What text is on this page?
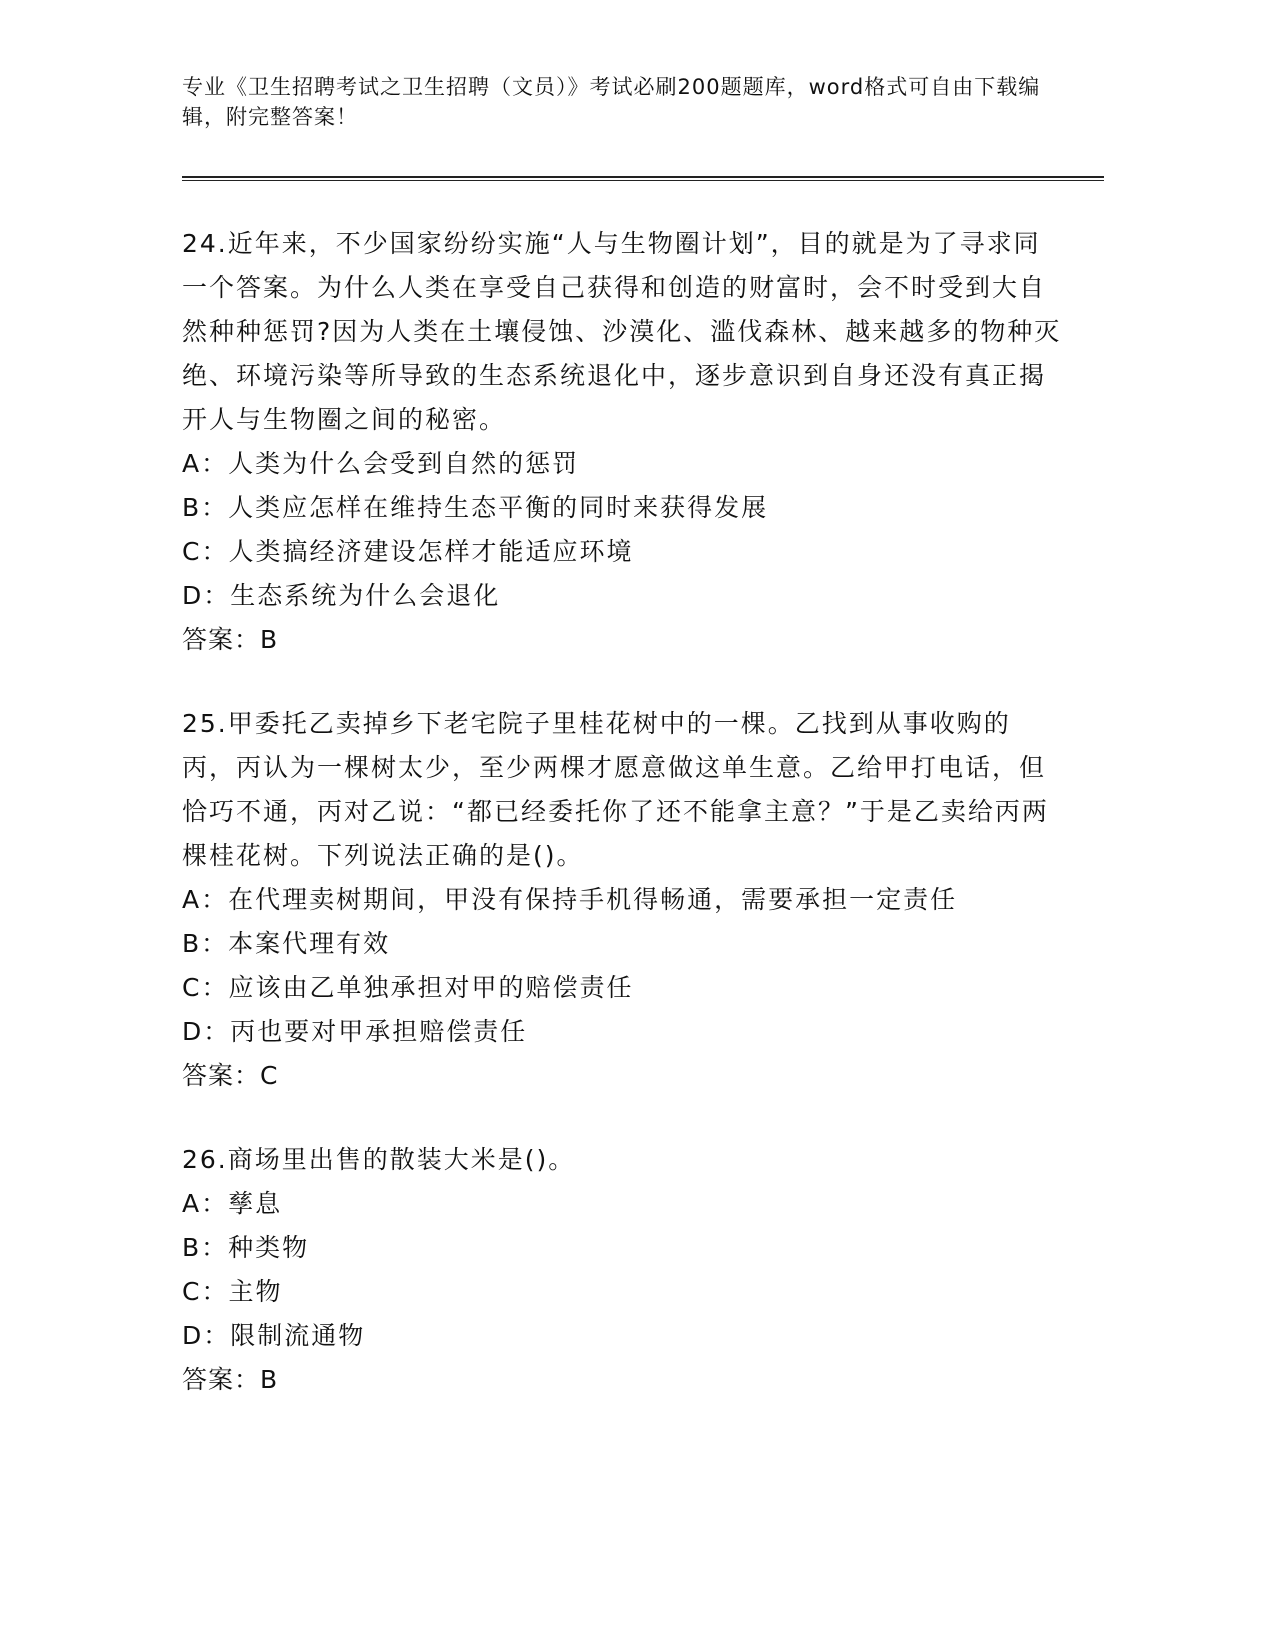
专业《卫生招聘考试之卫生招聘（文员）》考试必刷200题题库，word格式可自由下载编辑，附完整答案！

24.近年来，不少国家纷纷实施“人与生物圈计划”，目的就是为了寻求同一个答案。为什么人类在享受自己获得和创造的财富时，会不时受到大自然种种惩罚?因为人类在土壤侵蚀、沙漠化、滥伐森林、越来越多的物种灭绝、环境污染等所导致的生态系统退化中，逐步意识到自身还没有真正揭开人与生物圈之间的秘密。

A：人类为什么会受到自然的惩罚

B：人类应怎样在维持生态平衡的同时来获得发展

C：人类搞经济建设怎样才能适应环境

D：生态系统为什么会退化

答案：B

25.甲委托乙卖掉乡下老宅院子里桂花树中的一棵。乙找到从事收购的丙，丙认为一棵树太少，至少两棵才愿意做这单生意。乙给甲打电话，但恰巧不通，丙对乙说：“都已经委托你了还不能拿主意？”于是乙卖给丙两棵桂花树。下列说法正确的是()。

A：在代理卖树期间，甲没有保持手机得畅通，需要承担一定责任

B：本案代理有效

C：应该由乙单独承担对甲的赔偿责任

D：丙也要对甲承担赔偿责任

答案：C

26.商场里出售的散装大米是()。

A：孳息

B：种类物

C：主物

D：限制流通物

答案：B
